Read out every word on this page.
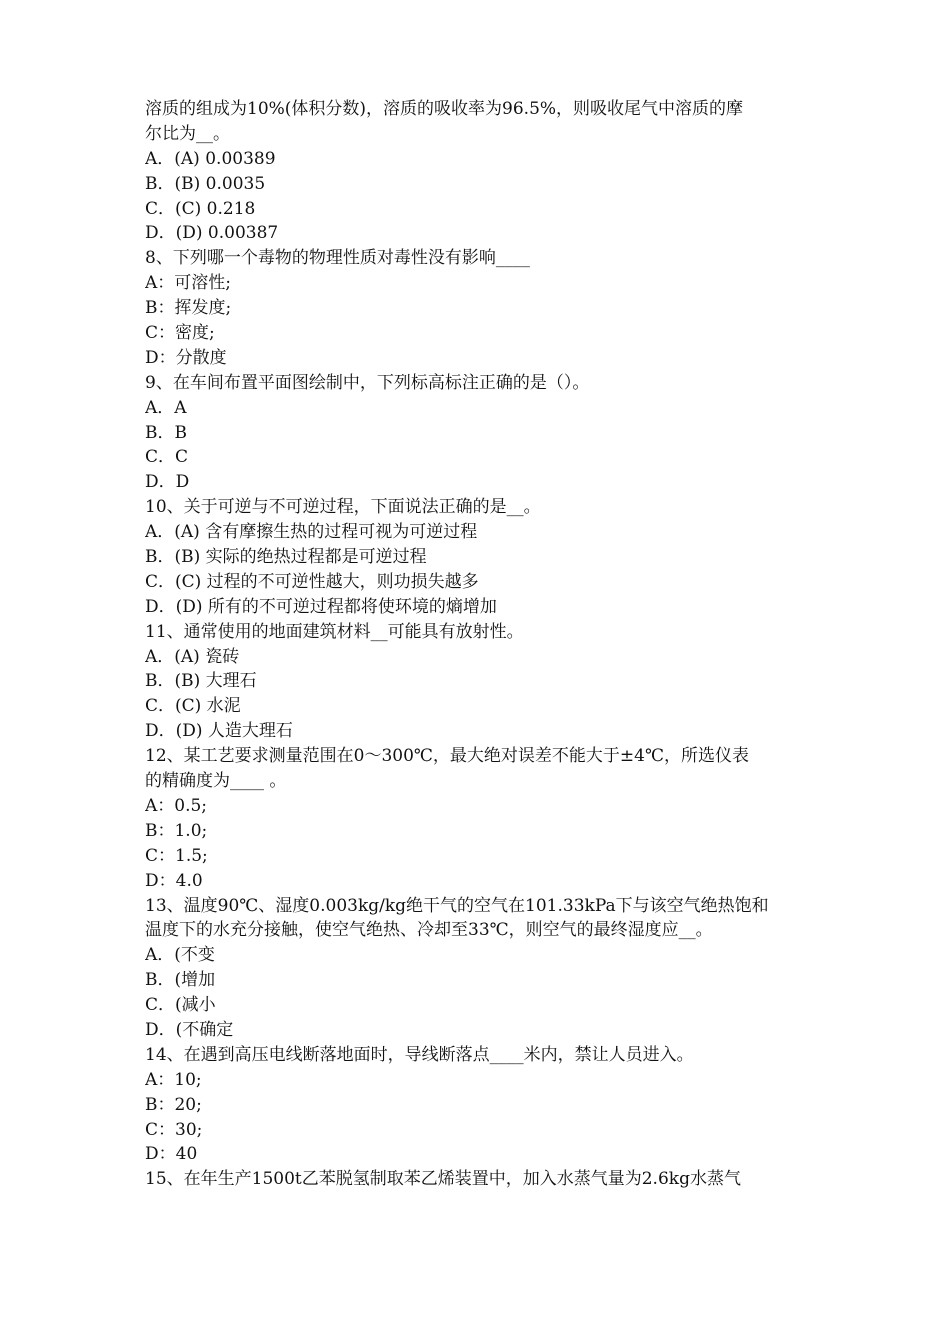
溶质的组成为10%(体积分数)，溶质的吸收率为96.5%，则吸收尾气中溶质的摩
尔比为__。
A．(A) 0.00389
B．(B) 0.0035
C．(C) 0.218
D．(D) 0.00387
8、下列哪一个毒物的物理性质对毒性没有影响____
A：可溶性;
B：挥发度;
C：密度;
D：分散度
9、在车间布置平面图绘制中，下列标高标注正确的是（）。
A．A
B．B
C．C
D．D
10、关于可逆与不可逆过程，下面说法正确的是__。
A．(A) 含有摩擦生热的过程可视为可逆过程
B．(B) 实际的绝热过程都是可逆过程
C．(C) 过程的不可逆性越大，则功损失越多
D．(D) 所有的不可逆过程都将使环境的熵增加
11、通常使用的地面建筑材料__可能具有放射性。
A．(A) 瓷砖
B．(B) 大理石
C．(C) 水泥
D．(D) 人造大理石
12、某工艺要求测量范围在0～300℃，最大绝对误差不能大于±4℃，所选仪表
的精确度为____ 。
A：0.5;
B：1.0;
C：1.5;
D：4.0
13、温度90℃、湿度0.003kg/kg绝干气的空气在101.33kPa下与该空气绝热饱和
温度下的水充分接触，使空气绝热、冷却至33℃，则空气的最终湿度应__。
A．(不变
B．(增加
C．(减小
D．(不确定
14、在遇到高压电线断落地面时，导线断落点____米内，禁让人员进入。
A：10;
B：20;
C：30;
D：40
15、在年生产1500t乙苯脱氢制取苯乙烯装置中，加入水蒸气量为2.6kg水蒸气
